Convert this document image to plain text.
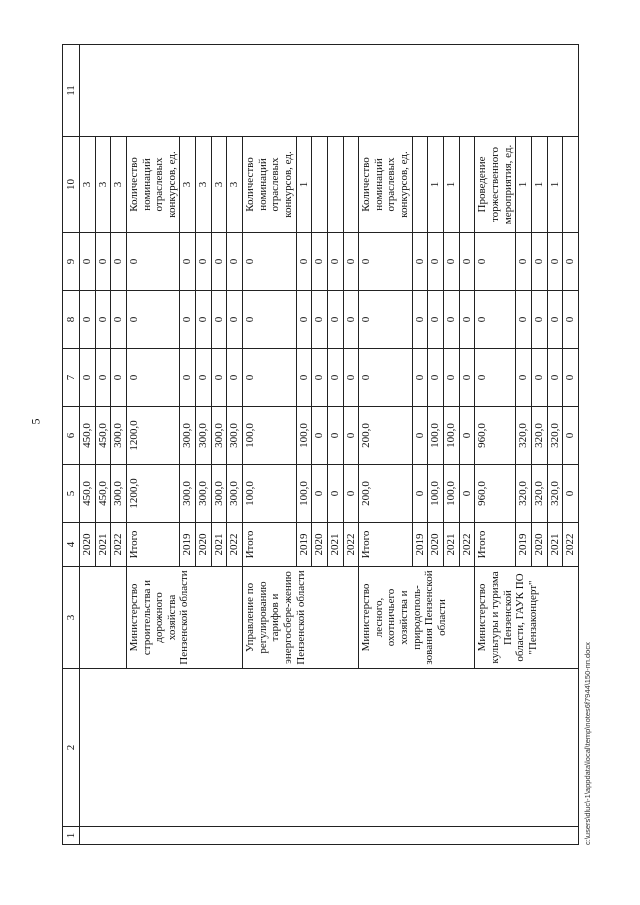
5
c:\users\dluc\-1\appdata\local\temp\notes6f7944\150-пп.docx
1	2	3	4	5	6	7	8	9	10	11
			2020	450,0	450,0	0	0	0	3	
			2021	450,0	450,0	0	0	0	3	
			2022	300,0	300,0	0	0	0	3	
		Министерство строительства и дорожного хозяйства Пензенской области	Итого	1200,0	1200,0	0	0	0	Количество номинаций отраслевых конкурсов, ед.	
			2019	300,0	300,0	0	0	0	3	
			2020	300,0	300,0	0	0	0	3	
			2021	300,0	300,0	0	0	0	3	
			2022	300,0	300,0	0	0	0	3	
		Управление по регулированию тарифов и энергосбере-жению Пензенской области	Итого	100,0	100,0	0	0	0	Количество номинаций отраслевых конкурсов, ед.	
			2019	100,0	100,0	0	0	0	1	
			2020	0	0	0	0	0		
			2021	0	0	0	0	0		
			2022	0	0	0	0	0		
		Министерство лесного, охотничьего хозяйства и природополь-зования Пензенской области	Итого	200,0	200,0	0	0	0	Количество номинаций отраслевых конкурсов, ед.	
			2019	0	0	0	0	0		
			2020	100,0	100,0	0	0	0	1	
			2021	100,0	100,0	0	0	0	1	
			2022	0	0	0	0	0		
		Министерство культуры и туризма Пензенской области, ГАУК ПО "Пензаконцерт"	Итого	960,0	960,0	0	0	0	Проведение торжественного мероприятия, ед.	
			2019	320,0	320,0	0	0	0	1	
			2020	320,0	320,0	0	0	0	1	
			2021	320,0	320,0	0	0	0	1	
			2022	0	0	0	0	0		
